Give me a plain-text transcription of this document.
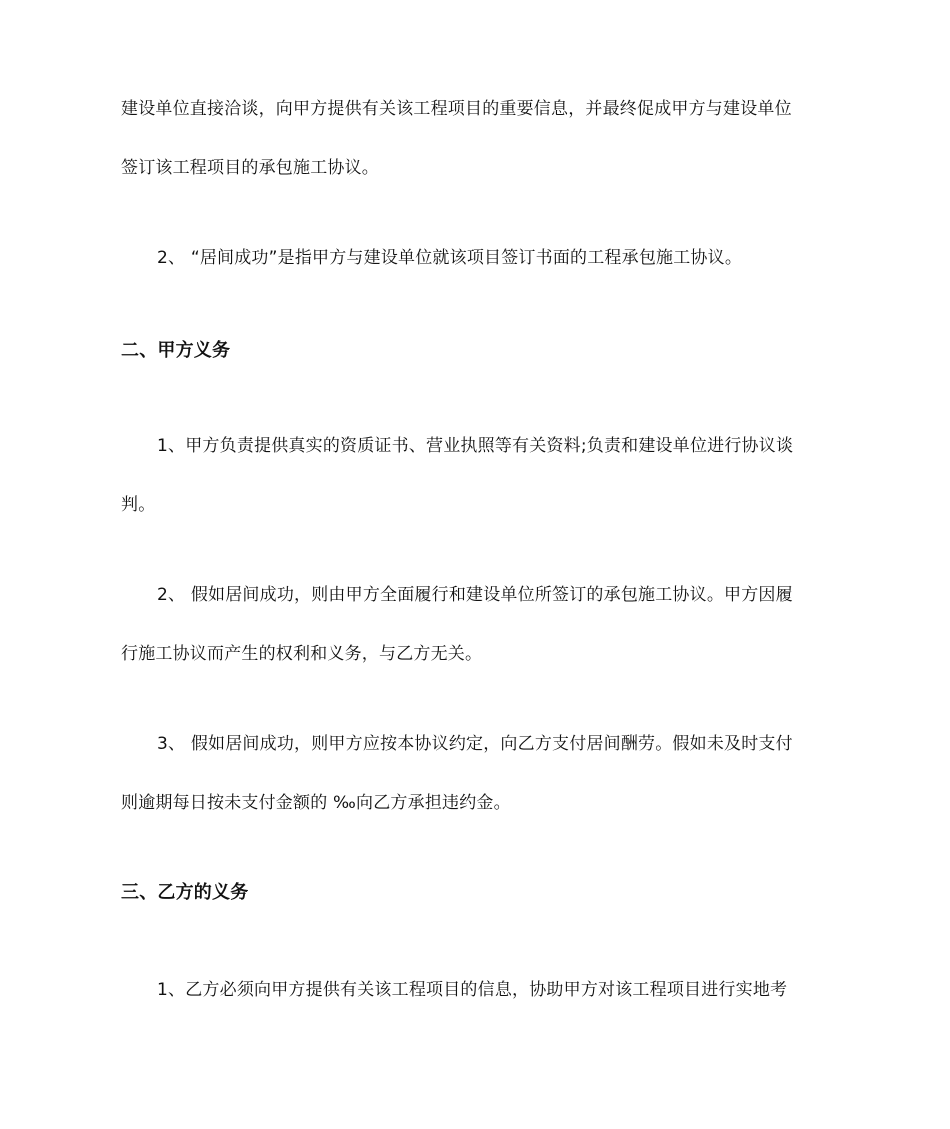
建设单位直接洽谈，向甲方提供有关该工程项目的重要信息，并最终促成甲方与建设单位
签订该工程项目的承包施工协议。
2、 “居间成功”是指甲方与建设单位就该项目签订书面的工程承包施工协议。
二、甲方义务
1、甲方负责提供真实的资质证书、营业执照等有关资料;负责和建设单位进行协议谈
判。
2、 假如居间成功，则由甲方全面履行和建设单位所签订的承包施工协议。甲方因履
行施工协议而产生的权利和义务，与乙方无关。
3、 假如居间成功，则甲方应按本协议约定，向乙方支付居间酬劳。假如未及时支付
则逾期每日按未支付金额的 ‰向乙方承担违约金。
三、乙方的义务
1、乙方必须向甲方提供有关该工程项目的信息，协助甲方对该工程项目进行实地考
